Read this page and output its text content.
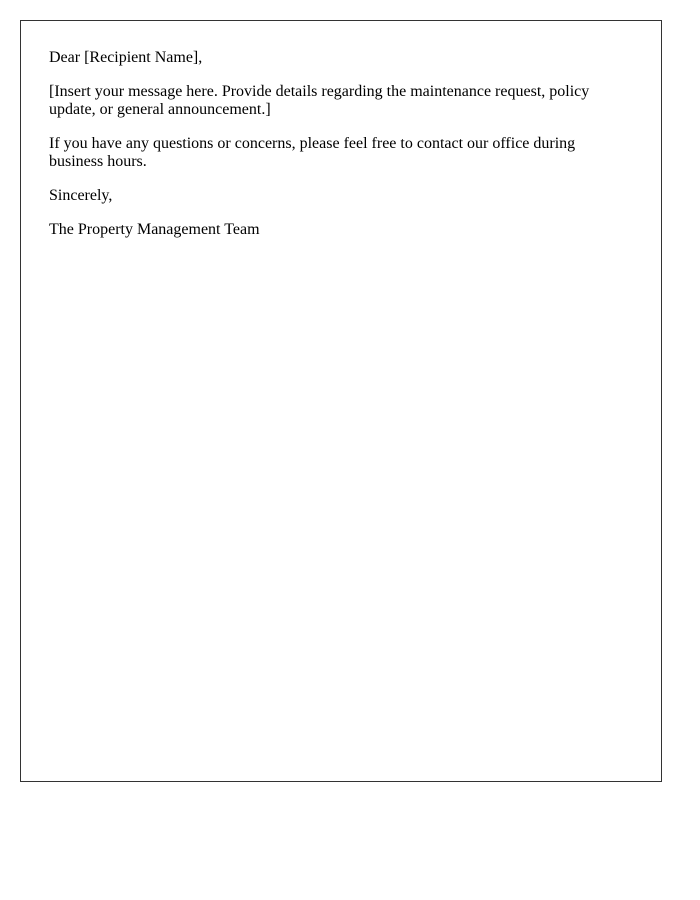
Dear [Recipient Name],

[Insert your message here. Provide details regarding the maintenance request, policy update, or general announcement.]

If you have any questions or concerns, please feel free to contact our office during business hours.

Sincerely,

The Property Management Team
